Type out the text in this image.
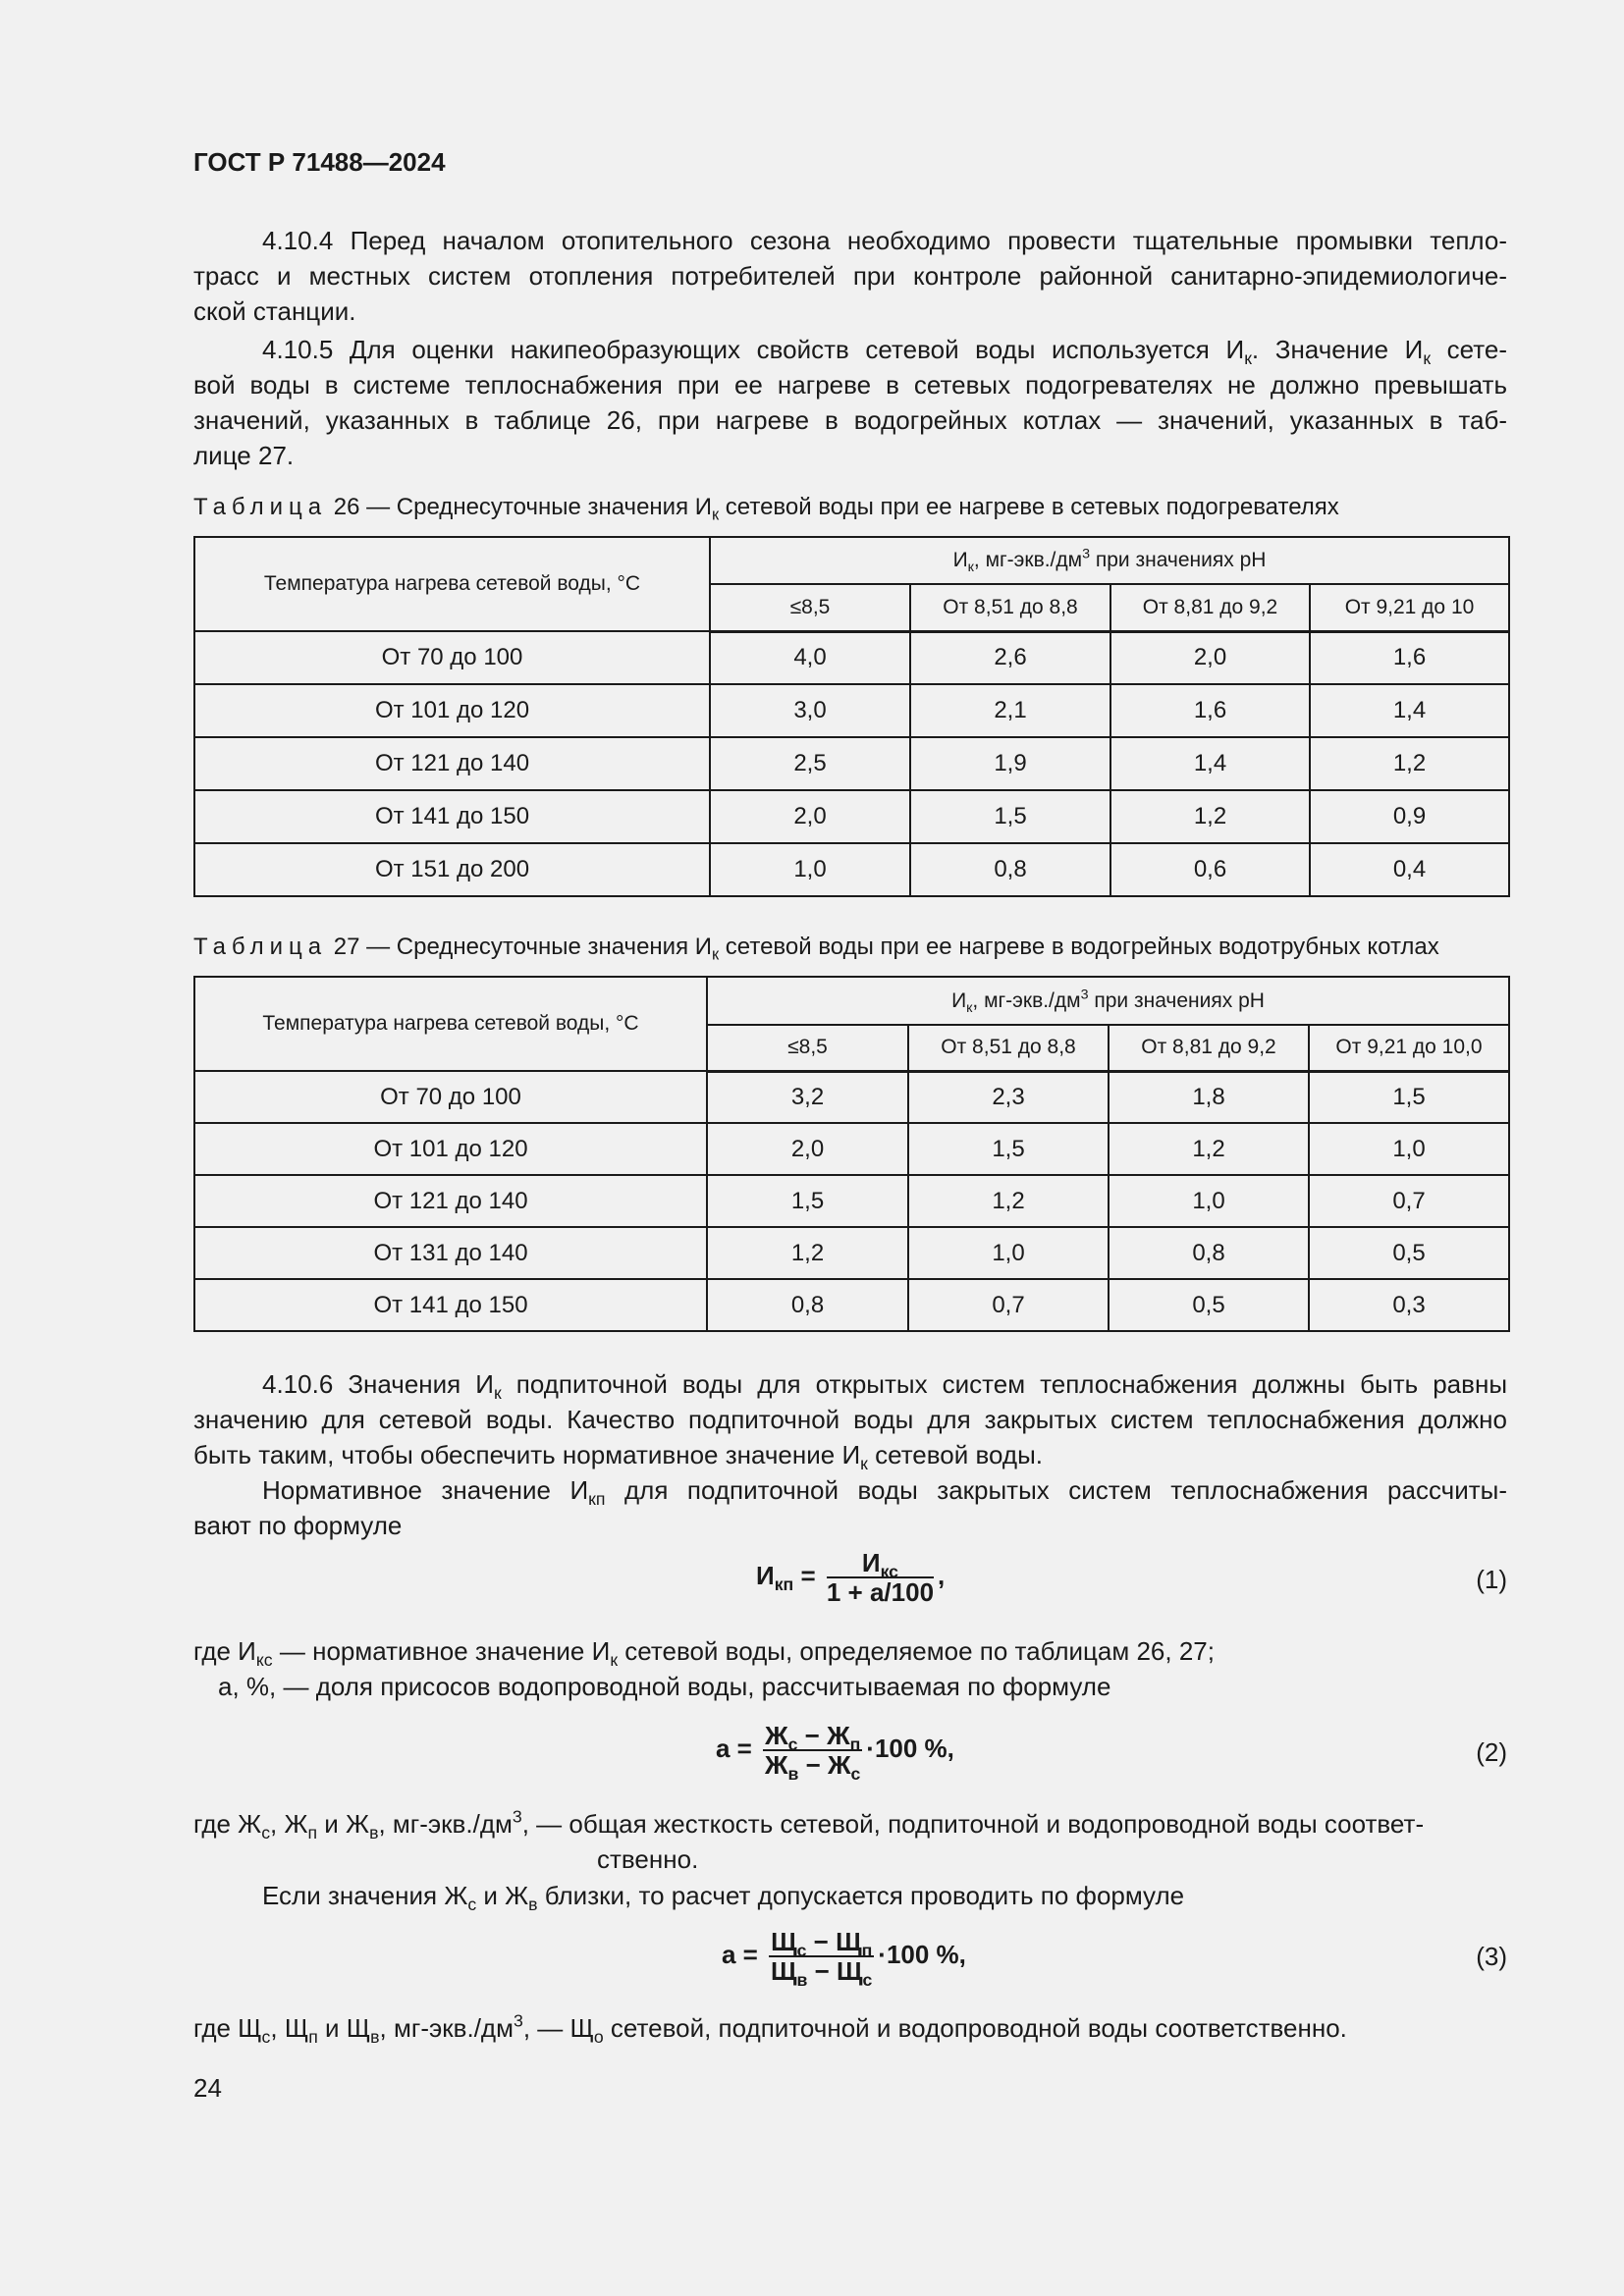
ГОСТ Р 71488—2024
4.10.4 Перед началом отопительного сезона необходимо провести тщательные промывки тепло-
трасс и местных систем отопления потребителей при контроле районной санитарно-эпидемиологиче-
ской станции.
4.10.5 Для оценки накипеобразующих свойств сетевой воды используется $И_к$. Значение $И_к$ сете-
вой воды в системе теплоснабжения при ее нагреве в сетевых подогревателях не должно превышать
значений, указанных в таблице 26, при нагреве в водогрейных котлах — значений, указанных в таб-
лице 27.
Таблица 26 — Среднесуточные значения $И_к$ сетевой воды при ее нагреве в сетевых подогревателях
Температура нагрева сетевой воды, °С	$И_к$, $мг-экв./дм^3$ при значениях pH			
	≤8,5	От 8,51 до 8,8	От 8,81 до 9,2	От 9,21 до 10
От 70 до 100	4,0	2,6	2,0	1,6
От 101 до 120	3,0	2,1	1,6	1,4
От 121 до 140	2,5	1,9	1,4	1,2
От 141 до 150	2,0	1,5	1,2	0,9
От 151 до 200	1,0	0,8	0,6	0,4
Таблица 27 — Среднесуточные значения $И_к$ сетевой воды при ее нагреве в водогрейных водотрубных котлах
Температура нагрева сетевой воды, °С	$И_к$, $мг-экв./дм^3$ при значениях pH			
	≤8,5	От 8,51 до 8,8	От 8,81 до 9,2	От 9,21 до 10,0
От 70 до 100	3,2	2,3	1,8	1,5
От 101 до 120	2,0	1,5	1,2	1,0
От 121 до 140	1,5	1,2	1,0	0,7
От 131 до 140	1,2	1,0	0,8	0,5
От 141 до 150	0,8	0,7	0,5	0,3
4.10.6 Значения $И_к$ подпиточной воды для открытых систем теплоснабжения должны быть равны
значению для сетевой воды. Качество подпиточной воды для закрытых систем теплоснабжения должно
быть таким, чтобы обеспечить нормативное значение $И_к$ сетевой воды.
Нормативное значение $И_{кп}$ для подпиточной воды закрытых систем теплоснабжения рассчиты-
вают по формуле
$И_{кп} = \frac{И_{кс}}{1 + a/100}$ ,	(1)
где $И_{кс}$ — нормативное значение $И_к$ сетевой воды, определяемое по таблицам 26, 27;
а, %, — доля присосов водопроводной воды, рассчитываемая по формуле
$a = \frac{Ж_с - Ж_п}{Ж_в - Ж_с} \cdot 100$ %,	(2)
где $Ж_с$, $Ж_п$ и $Ж_в$, $мг-экв./дм^3$, — общая жесткость сетевой, подпиточной и водопроводной воды соответ-
ственно.
Если значения $Ж_с$ и $Ж_в$ близки, то расчет допускается проводить по формуле
$a = \frac{Щ_с - Щ_п}{Щ_в - Щ_с} \cdot 100$ %,	(3)
где $Щ_с$, $Щ_п$ и $Щ_в$, $мг-экв./дм^3$, — $Щ_о$ сетевой, подпиточной и водопроводной воды соответственно.
24
